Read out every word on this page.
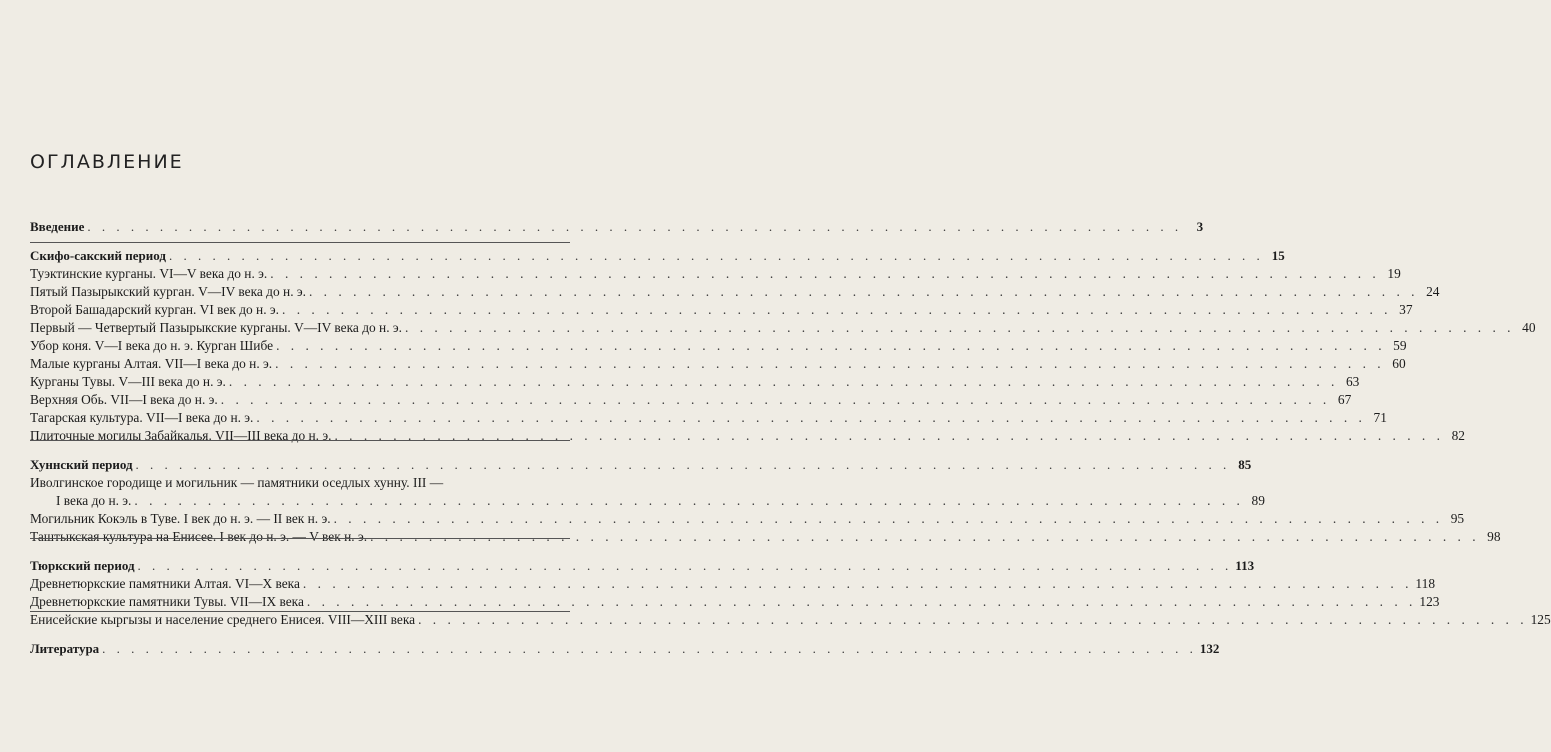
ОГЛАВЛЕНИЕ
Введение . . .	3
Скифо-сакский период . . .	15
Туэктинские курганы. VI—V века до н. э. . . .	19
Пятый Пазырыкский курган. V—IV века до н. э. . . .	24
Второй Башадарский курган. VI век до н. э. . . .	37
Первый — Четвертый Пазырыкские курганы. V—IV века до н. э. . . .	40
Убор коня. V—I века до н. э. Курган Шибе . . .	59
Малые курганы Алтая. VII—I века до н. э. . . .	60
Курганы Тувы. V—III века до н. э. . . .	63
Верхняя Обь. VII—I века до н. э. . . .	67
Тагарская культура. VII—I века до н. э. . . .	71
Плиточные могилы Забайкалья. VII—III века до н. э. . . .	82
Хуннский период . . .	85
Иволгинское городище и могильник — памятники оседлых хунну. III —
I века до н. э. . . .	89
Могильник Кокэль в Туве. I век до н. э. — II век н. э. . . .	95
Таштыкская культура на Енисее. I век до н. э. — V век н. э. . . .	98
Тюркский период . . .	113
Древнетюркские памятники Алтая. VI—X века . . .	118
Древнетюркские памятники Тувы. VII—IX века . . .	123
Енисейские кыргызы и население среднего Енисея. VIII—XIII века . . .	125
Литература . . .	132
